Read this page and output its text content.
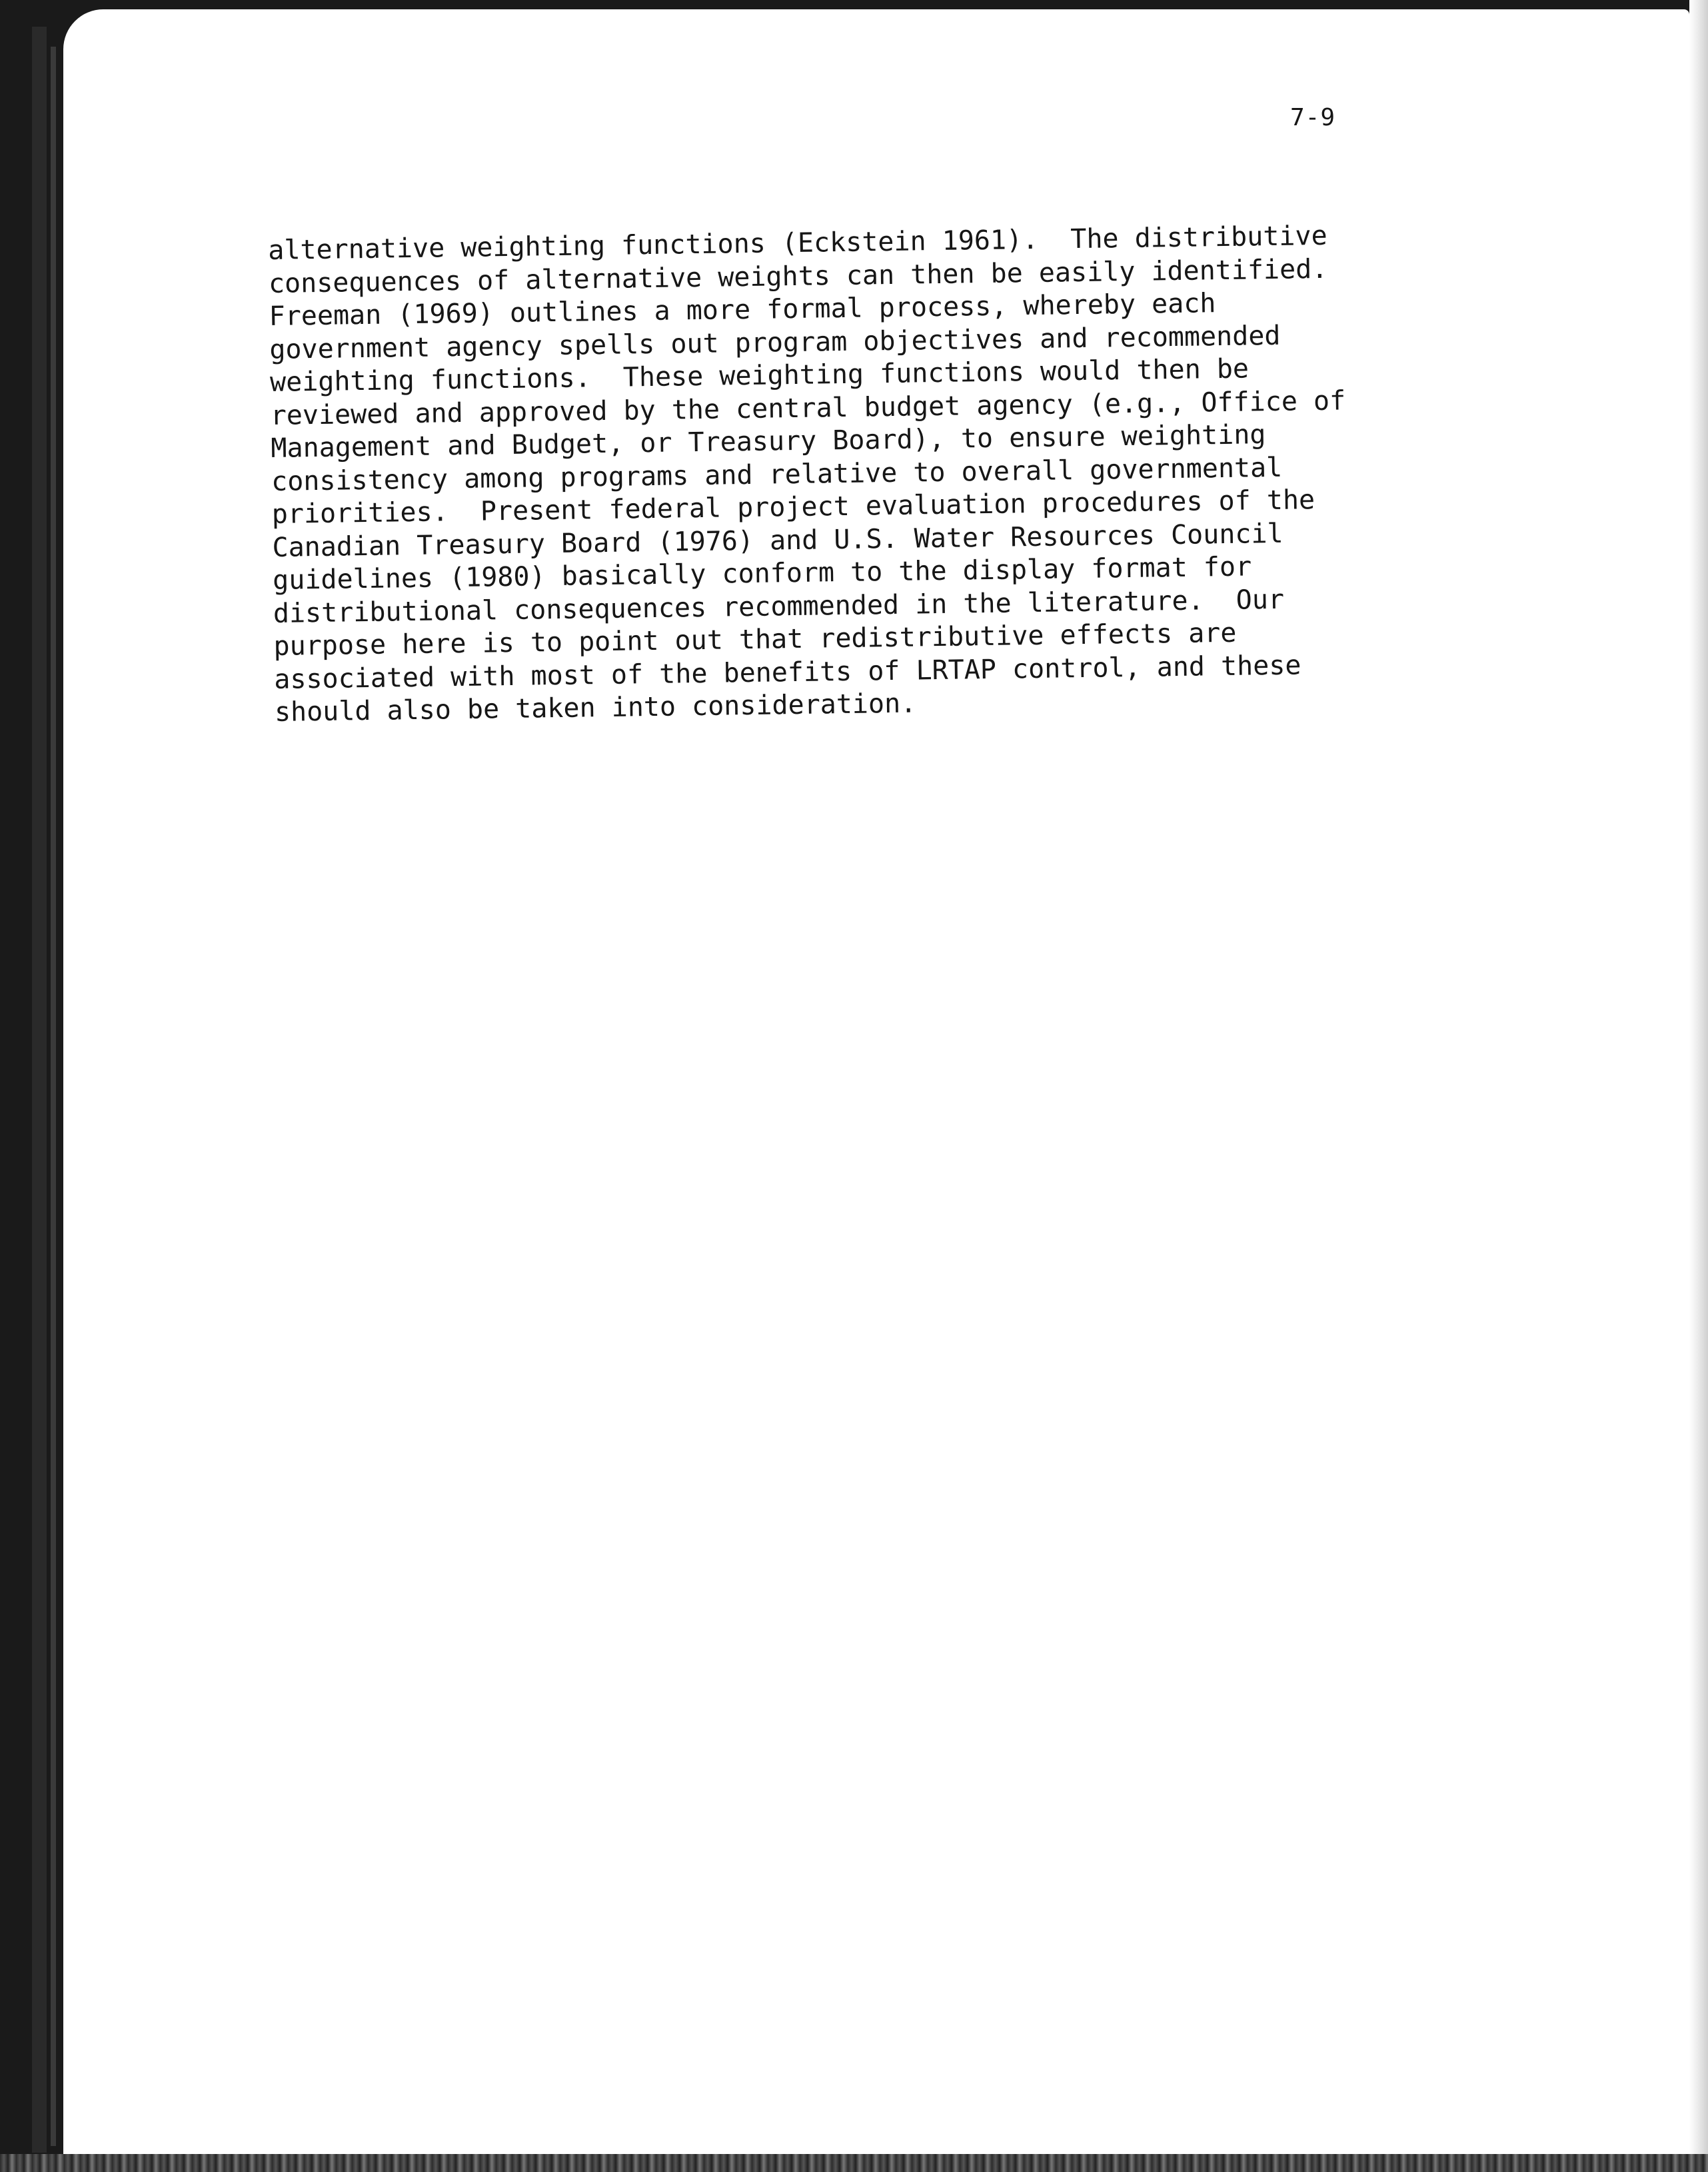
7-9

alternative weighting functions (Eckstein 1961).  The distributive
consequences of alternative weights can then be easily identified.
Freeman (1969) outlines a more formal process, whereby each
government agency spells out program objectives and recommended
weighting functions.  These weighting functions would then be
reviewed and approved by the central budget agency (e.g., Office of
Management and Budget, or Treasury Board), to ensure weighting
consistency among programs and relative to overall governmental
priorities.  Present federal project evaluation procedures of the
Canadian Treasury Board (1976) and U.S. Water Resources Council
guidelines (1980) basically conform to the display format for
distributional consequences recommended in the literature.  Our
purpose here is to point out that redistributive effects are
associated with most of the benefits of LRTAP control, and these
should also be taken into consideration.
